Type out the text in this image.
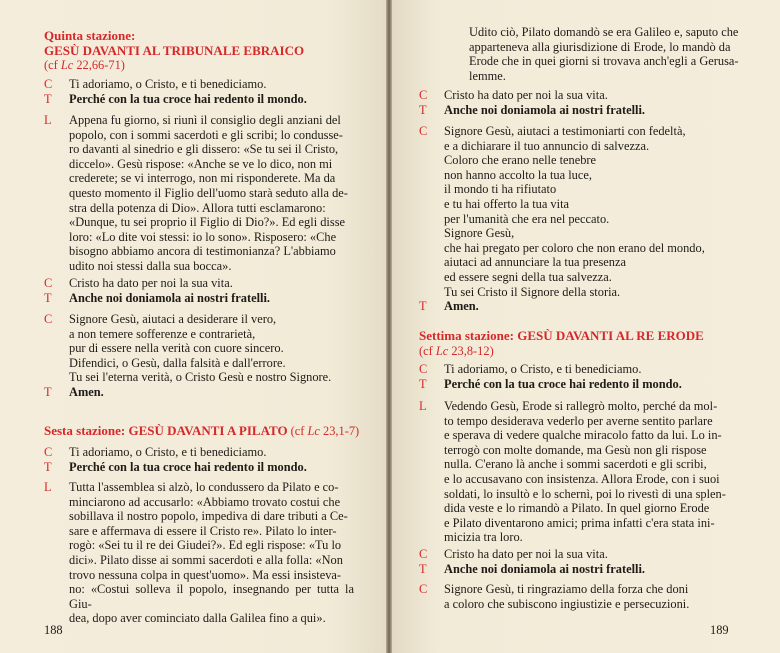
Quinta stazione:
GESÙ DAVANTI AL TRIBUNALE EBRAICO
(cf Lc 22,66-71)
C	Ti adoriamo, o Cristo, e ti benediciamo.
T	Perché con la tua croce hai redento il mondo.
L	Appena fu giorno, si riunì il consiglio degli anziani del
popolo, con i sommi sacerdoti e gli scribi; lo condusse-
ro davanti al sinedrio e gli dissero: «Se tu sei il Cristo,
diccelo». Gesù rispose: «Anche se ve lo dico, non mi
crederete; se vi interrogo, non mi risponderete. Ma da
questo momento il Figlio dell'uomo starà seduto alla de-
stra della potenza di Dio». Allora tutti esclamarono:
«Dunque, tu sei proprio il Figlio di Dio?». Ed egli disse
loro: «Lo dite voi stessi: io lo sono». Risposero: «Che
bisogno abbiamo ancora di testimonianza? L'abbiamo
udito noi stessi dalla sua bocca».
C	Cristo ha dato per noi la sua vita.
T	Anche noi doniamola ai nostri fratelli.
C	Signore Gesù, aiutaci a desiderare il vero,
a non temere sofferenze e contrarietà,
pur di essere nella verità con cuore sincero.
Difendici, o Gesù, dalla falsità e dall'errore.
Tu sei l'eterna verità, o Cristo Gesù e nostro Signore.
T	Amen.
Sesta stazione: GESÙ DAVANTI A PILATO (cf Lc 23,1-7)
C	Ti adoriamo, o Cristo, e ti benediciamo.
T	Perché con la tua croce hai redento il mondo.
L	Tutta l'assemblea si alzò, lo condussero da Pilato e co-
minciarono ad accusarlo: «Abbiamo trovato costui che
sobillava il nostro popolo, impediva di dare tributi a Ce-
sare e affermava di essere il Cristo re». Pilato lo inter-
rogò: «Sei tu il re dei Giudei?». Ed egli rispose: «Tu lo
dici». Pilato disse ai sommi sacerdoti e alla folla: «Non
trovo nessuna colpa in quest'uomo». Ma essi insisteva-
no: «Costui solleva il popolo, insegnando per tutta la Giu-
dea, dopo aver cominciato dalla Galilea fino a qui».
188
Udito ciò, Pilato domandò se era Galileo e, saputo che
apparteneva alla giurisdizione di Erode, lo mandò da
Erode che in quei giorni si trovava anch'egli a Gerusa-
lemme.
C	Cristo ha dato per noi la sua vita.
T	Anche noi doniamola ai nostri fratelli.
C	Signore Gesù, aiutaci a testimoniarti con fedeltà,
e a dichiarare il tuo annuncio di salvezza.
Coloro che erano nelle tenebre
non hanno accolto la tua luce,
il mondo ti ha rifiutato
e tu hai offerto la tua vita
per l'umanità che era nel peccato.
Signore Gesù,
che hai pregato per coloro che non erano del mondo,
aiutaci ad annunciare la tua presenza
ed essere segni della tua salvezza.
Tu sei Cristo il Signore della storia.
T	Amen.
Settima stazione: GESÙ DAVANTI AL RE ERODE
(cf Lc 23,8-12)
C	Ti adoriamo, o Cristo, e ti benediciamo.
T	Perché con la tua croce hai redento il mondo.
L	Vedendo Gesù, Erode si rallegrò molto, perché da mol-
to tempo desiderava vederlo per averne sentito parlare
e sperava di vedere qualche miracolo fatto da lui. Lo in-
terrogò con molte domande, ma Gesù non gli rispose
nulla. C'erano là anche i sommi sacerdoti e gli scribi,
e lo accusavano con insistenza. Allora Erode, con i suoi
soldati, lo insultò e lo schernì, poi lo rivestì di una splen-
dida veste e lo rimandò a Pilato. In quel giorno Erode
e Pilato diventarono amici; prima infatti c'era stata ini-
micizia tra loro.
C	Cristo ha dato per noi la sua vita.
T	Anche noi doniamola ai nostri fratelli.
C	Signore Gesù, ti ringraziamo della forza che doni
a coloro che subiscono ingiustizie e persecuzioni.
189
